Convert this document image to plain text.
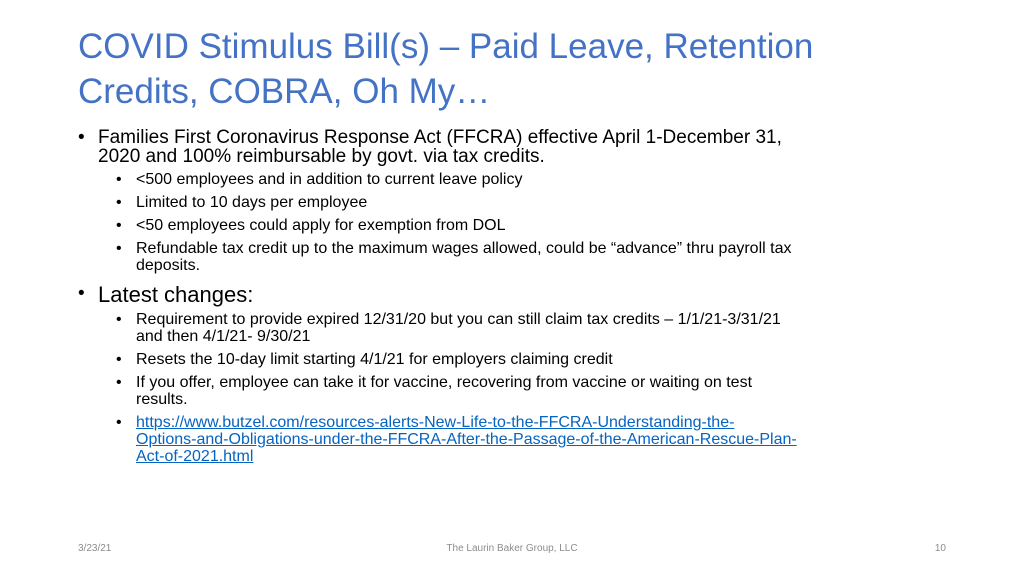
COVID Stimulus Bill(s) – Paid Leave, Retention
Credits, COBRA, Oh My…
• Families First Coronavirus Response Act (FFCRA) effective April 1-December 31,
2020 and 100% reimbursable by govt. via tax credits.
• <500 employees and in addition to current leave policy
• Limited to 10 days per employee
• <50 employees could apply for exemption from DOL
• Refundable tax credit up to the maximum wages allowed, could be “advance” thru payroll tax
deposits.
• Latest changes:
• Requirement to provide expired 12/31/20 but you can still claim tax credits – 1/1/21-3/31/21
and then 4/1/21- 9/30/21
• Resets the 10-day limit starting 4/1/21 for employers claiming credit
• If you offer, employee can take it for vaccine, recovering from vaccine or waiting on test
results.
• https://www.butzel.com/resources-alerts-New-Life-to-the-FFCRA-Understanding-the-
Options-and-Obligations-under-the-FFCRA-After-the-Passage-of-the-American-Rescue-Plan-
Act-of-2021.html
3/23/21	The Laurin Baker Group, LLC	10
